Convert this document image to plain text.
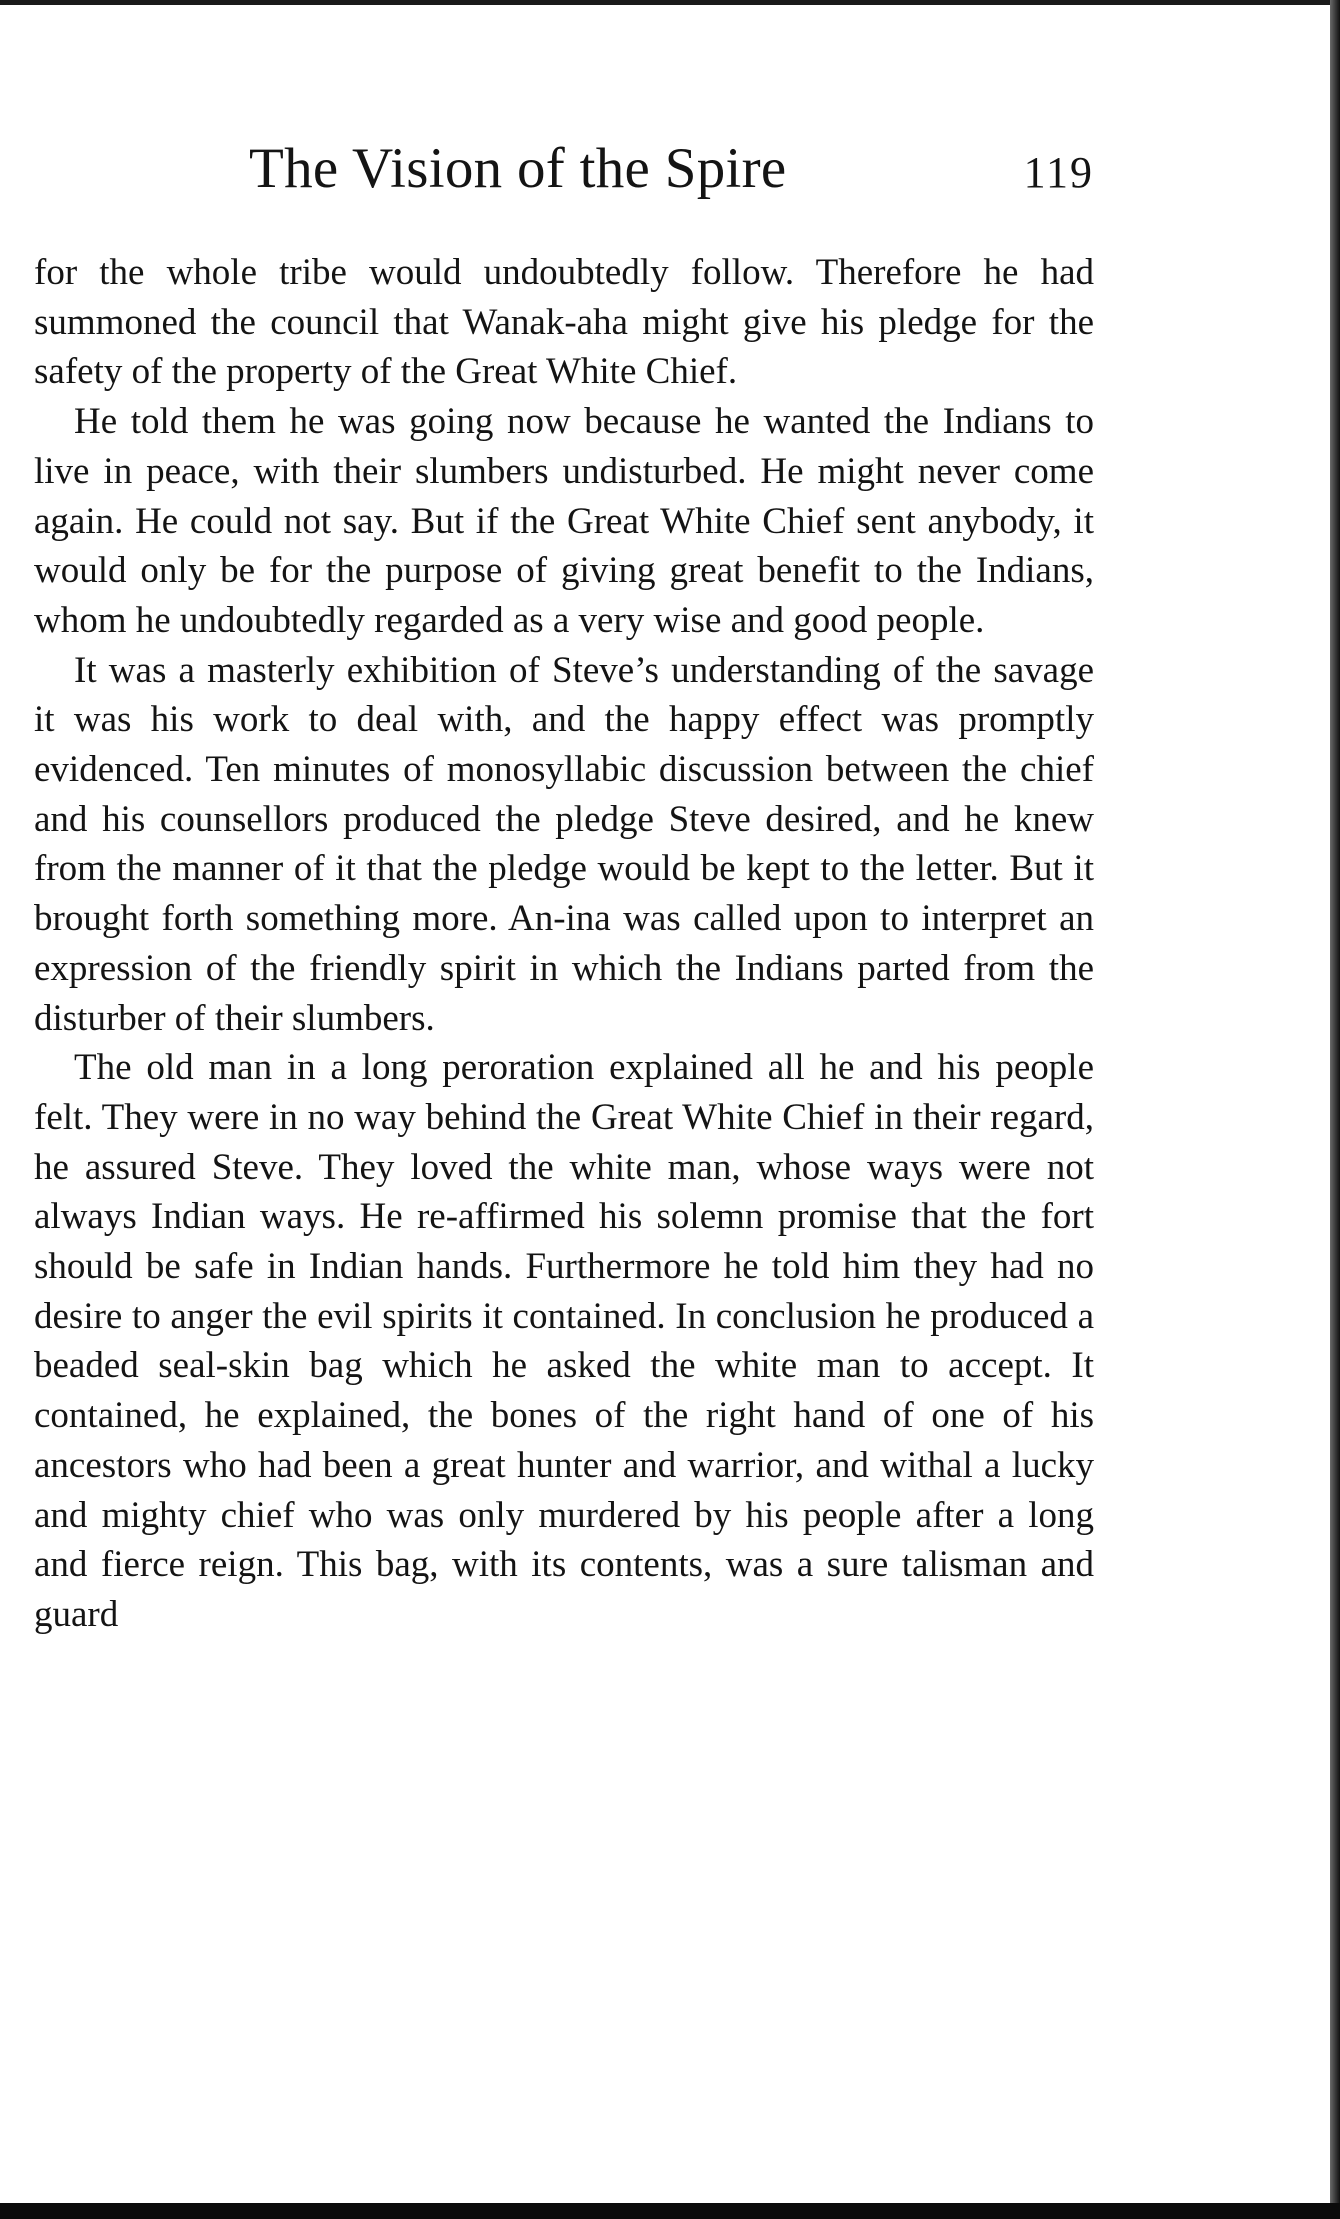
The Vision of the Spire	119

for the whole tribe would undoubtedly follow. Therefore he had summoned the council that Wanak-aha might give his pledge for the safety of the property of the Great White Chief.

He told them he was going now because he wanted the Indians to live in peace, with their slumbers undisturbed. He might never come again. He could not say. But if the Great White Chief sent anybody, it would only be for the purpose of giving great benefit to the Indians, whom he undoubtedly regarded as a very wise and good people.

It was a masterly exhibition of Steve’s understanding of the savage it was his work to deal with, and the happy effect was promptly evidenced. Ten minutes of monosyllabic discussion between the chief and his counsellors produced the pledge Steve desired, and he knew from the manner of it that the pledge would be kept to the letter. But it brought forth something more. An-ina was called upon to interpret an expression of the friendly spirit in which the Indians parted from the disturber of their slumbers.

The old man in a long peroration explained all he and his people felt. They were in no way behind the Great White Chief in their regard, he assured Steve. They loved the white man, whose ways were not always Indian ways. He re-affirmed his solemn promise that the fort should be safe in Indian hands. Furthermore he told him they had no desire to anger the evil spirits it contained. In conclusion he produced a beaded seal-skin bag which he asked the white man to accept. It contained, he explained, the bones of the right hand of one of his ancestors who had been a great hunter and warrior, and withal a lucky and mighty chief who was only murdered by his people after a long and fierce reign. This bag, with its contents, was a sure talisman and guard
